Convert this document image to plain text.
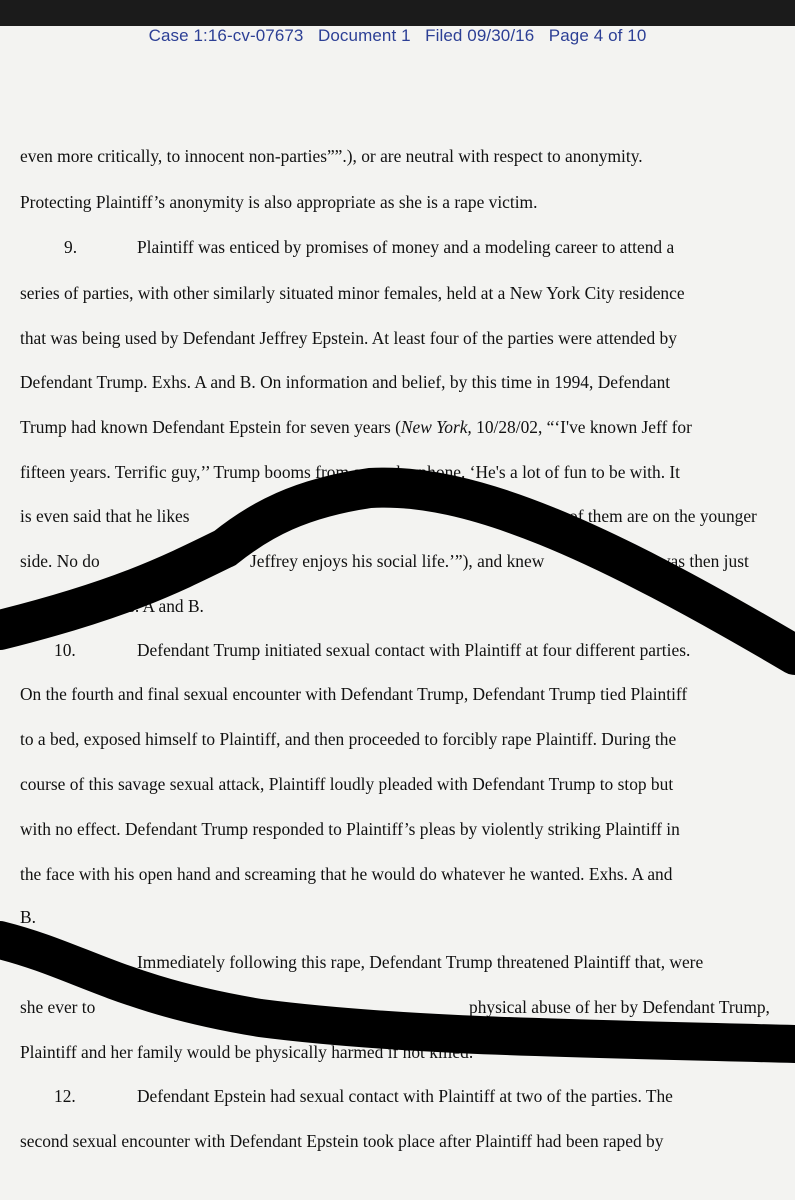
Case 1:16-cv-07673 Document 1 Filed 09/30/16 Page 4 of 10
even more critically, to innocent non-parties””.), or are neutral with respect to anonymity.
Protecting Plaintiff’s anonymity is also appropriate as she is a rape victim.
9.	Plaintiff was enticed by promises of money and a modeling career to attend a
series of parties, with other similarly situated minor females, held at a New York City residence
that was being used by Defendant Jeffrey Epstein. At least four of the parties were attended by
Defendant Trump. Exhs. A and B. On information and belief, by this time in 1994, Defendant
Trump had known Defendant Epstein for seven years (New York, 10/28/02, “‘I've known Jeff for
fifteen years. Terrific guy,’’ Trump booms from a speakerphone. ‘He's a lot of fun to be with. It
is even said that he likes	of them are on the younger
side. No do	Jeffrey enjoys his social life.’”), and knew	was then just
s old. Exhs. A and B.
10.	Defendant Trump initiated sexual contact with Plaintiff at four different parties.
On the fourth and final sexual encounter with Defendant Trump, Defendant Trump tied Plaintiff
to a bed, exposed himself to Plaintiff, and then proceeded to forcibly rape Plaintiff. During the
course of this savage sexual attack, Plaintiff loudly pleaded with Defendant Trump to stop but
with no effect. Defendant Trump responded to Plaintiff’s pleas by violently striking Plaintiff in
the face with his open hand and screaming that he would do whatever he wanted. Exhs. A and
B.
Immediately following this rape, Defendant Trump threatened Plaintiff that, were
she ever to	physical abuse of her by Defendant Trump,
Plaintiff and her family would be physically harmed if not killed.
12.	Defendant Epstein had sexual contact with Plaintiff at two of the parties. The
second sexual encounter with Defendant Epstein took place after Plaintiff had been raped by
